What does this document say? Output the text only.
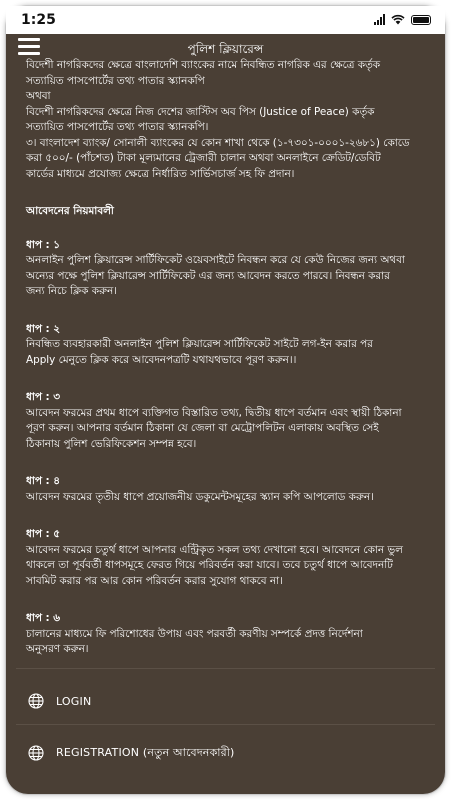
1:25
পুলিশ ক্লিয়ারেন্স

বিদেশী নাগরিকদের ক্ষেত্রে বাংলাদেশি ব্যাংকের নামে নিবন্ধিত নাগরিক এর ক্ষেত্রে কর্তৃক

সত্যায়িত পাসপোর্টের তথ্য পাতার স্ক্যানকপি

অথবা

বিদেশী নাগরিকদের ক্ষেত্রে নিজ দেশের জাস্টিস অব পিস (Justice of Peace) কর্তৃক

সত্যায়িত পাসপোর্টের তথ্য পাতার স্ক্যানকপি।

৩। বাংলাদেশ ব্যাংক/ সোনালী ব্যাংকের যে কোন শাখা থেকে (১-৭৩০১-০০০১-২৬৮১) কোডে

করা ৫০০/- (পাঁচশত) টাকা মূল্যমানের ট্রেজারী চালান অথবা অনলাইনে ক্রেডিট/ডেবিট

কার্ডের মাধ্যমে প্রযোজ্য ক্ষেত্রে নির্ধারিত সার্ভিসচার্জ সহ ফি প্রদান।

আবেদনের নিয়মাবলী

ধাপ : ১

অনলাইন পুলিশ ক্লিয়ারেন্স সার্টিফিকেট ওয়েবসাইটে নিবন্ধন করে যে কেউ নিজের জন্য অথবা

অন্যের পক্ষে পুলিশ ক্লিয়ারেন্স সার্টিফিকেট এর জন্য আবেদন করতে পারবে। নিবন্ধন করার

জন্য নিচে ক্লিক করুন।

ধাপ : ২

নিবন্ধিত ব্যবহারকারী অনলাইন পুলিশ ক্লিয়ারেন্স সার্টিফিকেট সাইটে লগ-ইন করার পর

Apply মেনুতে ক্লিক করে আবেদনপত্রটি যথাযথভাবে পূরণ করুন।।

ধাপ : ৩

আবেদন ফরমের প্রথম ধাপে ব্যক্তিগত বিস্তারিত তথ্য, দ্বিতীয় ধাপে বর্তমান এবং স্থায়ী ঠিকানা

পূরণ করুন। আপনার বর্তমান ঠিকানা যে জেলা বা মেট্রোপলিটন এলাকায় অবস্থিত সেই

ঠিকানায় পুলিশ ভেরিফিকেশন সম্পন্ন হবে।

ধাপ : ৪

আবেদন ফরমের তৃতীয় ধাপে প্রয়োজনীয় ডকুমেন্টসমূহের স্ক্যান কপি আপলোড করুন।

ধাপ : ৫

আবেদন ফরমের চতুর্থ ধাপে আপনার এন্ট্রিকৃত সকল তথ্য দেখানো হবে। আবেদনে কোন ভুল

থাকলে তা পূর্ববর্তী ধাপসমূহে ফেরত গিয়ে পরিবর্তন করা যাবে। তবে চতুর্থ ধাপে আবেদনটি

সাবমিট করার পর আর কোন পরিবর্তন করার সুযোগ থাকবে না।

ধাপ : ৬

চালানের মাধ্যমে ফি পরিশোধের উপায় এবং পরবর্তী করণীয় সম্পর্কে প্রদত্ত নির্দেশনা

অনুসরণ করুন।

LOGIN
REGISTRATION (নতুন আবেদনকারী)
